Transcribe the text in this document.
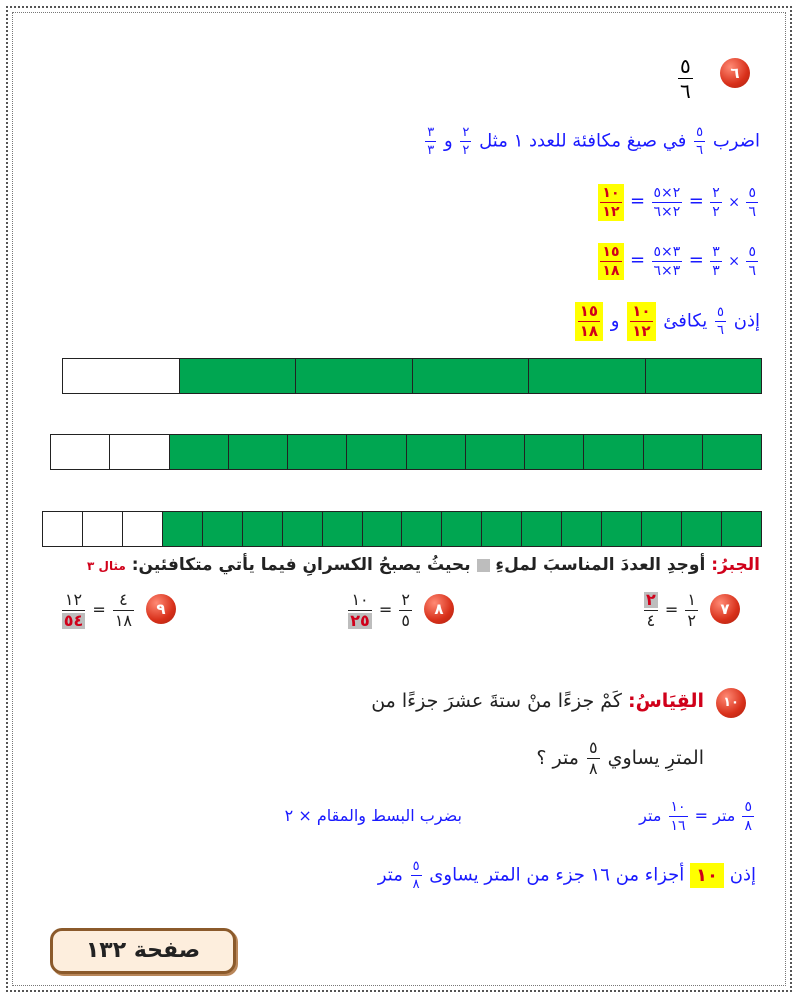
٦
$\frac{٥}{٦}$
اضرب
$\frac{٥}{٦}$
في صيغ مكافئة للعدد ١ مثل
$\frac{٢}{٢}$
و
$\frac{٣}{٣}$
$\frac{٥}{٦}$
×
$\frac{٢}{٢}$
=
$\frac{٢\times ٥}{٢\times ٦}$
=
$\frac{١٠}{١٢}$
$\frac{٥}{٦}$
×
$\frac{٣}{٣}$
=
$\frac{٣\times ٥}{٣\times ٦}$
=
$\frac{١٥}{١٨}$
إذن
$\frac{٥}{٦}$
يكافئ
$\frac{١٠}{١٢}$
و
$\frac{١٥}{١٨}$
الجبرُ: أوجدِ العددَ المناسبَ لملءِ  بحيثُ يصبحُ الكسرانِ فيما يأتي متكافئين: مثال ٣
٧
$\frac{١}{٢}$
=
$\frac{٢}{٤}$
٨
$\frac{٢}{٥}$
=
$\frac{١٠}{٢٥}$
٩
$\frac{٤}{١٨}$
=
$\frac{١٢}{٥٤}$
١٠
القِيَاسُ: كَمْ جزءًا منْ ستةَ عشرَ جزءًا من
المترِ يساوي
$\frac{٥}{٨}$
متر ؟
$\frac{٥}{٨}$
متر =
$\frac{١٠}{١٦}$
متر
بضرب البسط والمقام × ٢
إذن ١٠ أجزاء من ١٦ جزء من المتر يساوى
$\frac{٥}{٨}$
متر
صفحة ١٣٢
